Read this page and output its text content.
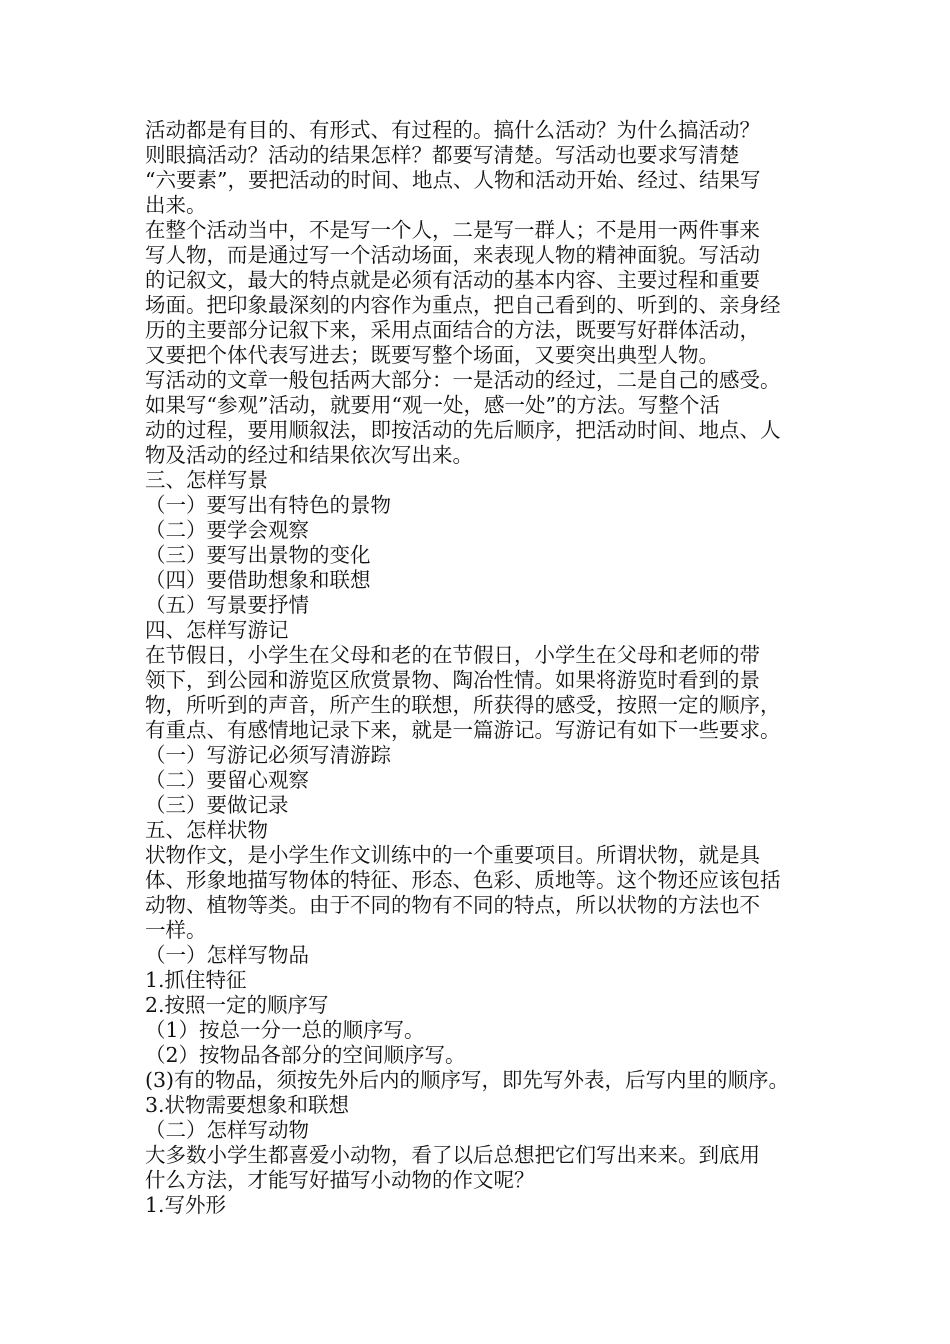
活动都是有目的、有形式、有过程的。搞什么活动？为什么搞活动？
则眼搞活动？活动的结果怎样？都要写清楚。写活动也要求写清楚
“六要素”，要把活动的时间、地点、人物和活动开始、经过、结果写
出来。
在整个活动当中，不是写一个人，二是写一群人；不是用一两件事来
写人物，而是通过写一个活动场面，来表现人物的精神面貌。写活动
的记叙文，最大的特点就是必须有活动的基本内容、主要过程和重要
场面。把印象最深刻的内容作为重点，把自己看到的、听到的、亲身经
历的主要部分记叙下来，采用点面结合的方法，既要写好群体活动，
又要把个体代表写进去；既要写整个场面，又要突出典型人物。
写活动的文章一般包括两大部分：一是活动的经过，二是自己的感受。
如果写“参观”活动，就要用“观一处，感一处”的方法。写整个活
动的过程，要用顺叙法，即按活动的先后顺序，把活动时间、地点、人
物及活动的经过和结果依次写出来。
三、怎样写景
（一）要写出有特色的景物
（二）要学会观察
（三）要写出景物的变化
（四）要借助想象和联想
（五）写景要抒情
四、怎样写游记
在节假日，小学生在父母和老的在节假日，小学生在父母和老师的带
领下，到公园和游览区欣赏景物、陶冶性情。如果将游览时看到的景
物，所听到的声音，所产生的联想，所获得的感受，按照一定的顺序，
有重点、有感情地记录下来，就是一篇游记。写游记有如下一些要求。
（一）写游记必须写清游踪
（二）要留心观察
（三）要做记录
五、怎样状物
状物作文，是小学生作文训练中的一个重要项目。所谓状物，就是具
体、形象地描写物体的特征、形态、色彩、质地等。这个物还应该包括
动物、植物等类。由于不同的物有不同的特点，所以状物的方法也不
一样。
（一）怎样写物品
1.抓住特征
2.按照一定的顺序写
（1）按总一分一总的顺序写。
（2）按物品各部分的空间顺序写。
(3)有的物品，须按先外后内的顺序写，即先写外表，后写内里的顺序。
3.状物需要想象和联想
（二）怎样写动物
大多数小学生都喜爱小动物，看了以后总想把它们写出来来。到底用
什么方法，才能写好描写小动物的作文呢？
1.写外形
